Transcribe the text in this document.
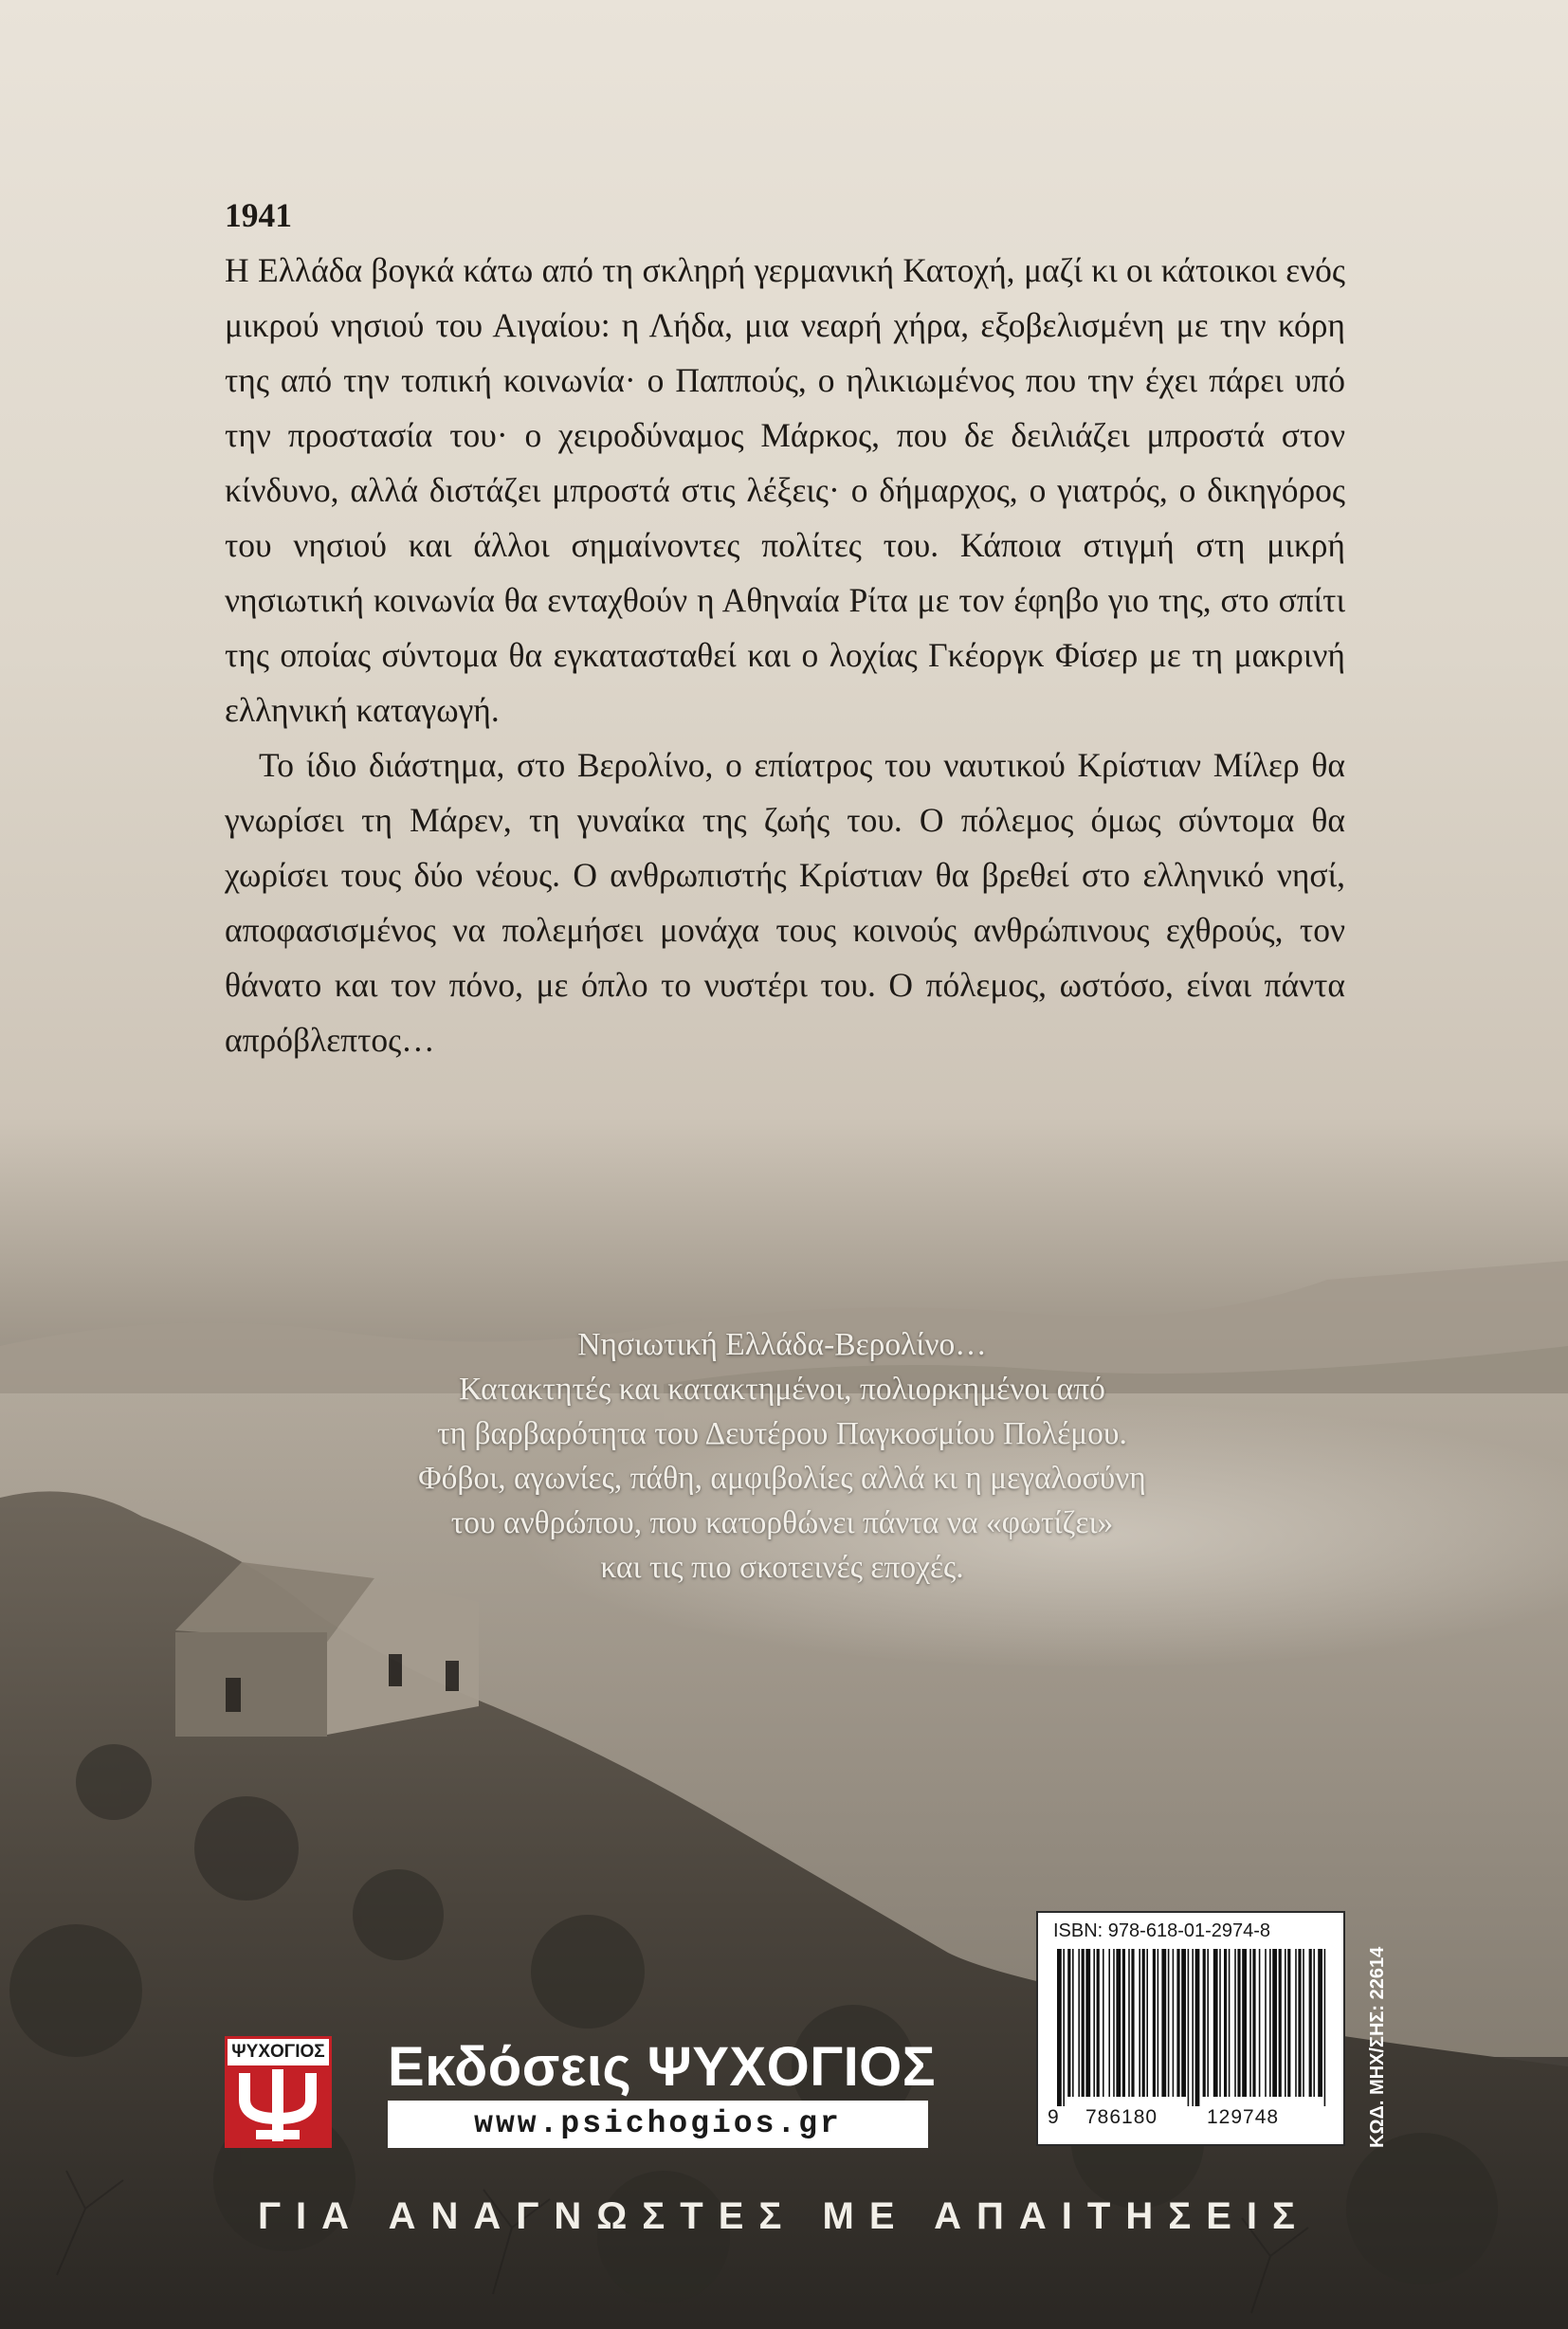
1941

Η Ελλάδα βογκά κάτω από τη σκληρή γερμανική Κατοχή, μαζί κι οι κάτοικοι ενός μικρού νησιού του Αιγαίου: η Λήδα, μια νεαρή χήρα, εξοβελισμένη με την κόρη της από την τοπική κοινωνία· ο Παππούς, ο ηλικιωμένος που την έχει πάρει υπό την προστασία του· ο χειροδύναμος Μάρκος, που δε δειλιάζει μπροστά στον κίνδυνο, αλλά διστάζει μπροστά στις λέξεις· ο δήμαρχος, ο γιατρός, ο δικηγόρος του νησιού και άλλοι σημαίνοντες πολίτες του. Κάποια στιγμή στη μικρή νησιωτική κοινωνία θα ενταχθούν η Αθηναία Ρίτα με τον έφηβο γιο της, στο σπίτι της οποίας σύντομα θα εγκατασταθεί και ο λοχίας Γκέοργκ Φίσερ με τη μακρινή ελληνική καταγωγή.

Το ίδιο διάστημα, στο Βερολίνο, ο επίατρος του ναυτικού Κρίστιαν Μίλερ θα γνωρίσει τη Μάρεν, τη γυναίκα της ζωής του. Ο πόλεμος όμως σύντομα θα χωρίσει τους δύο νέους. Ο ανθρωπιστής Κρίστιαν θα βρεθεί στο ελληνικό νησί, αποφασισμένος να πολεμήσει μονάχα τους κοινούς ανθρώπινους εχθρούς, τον θάνατο και τον πόνο, με όπλο το νυστέρι του. Ο πόλεμος, ωστόσο, είναι πάντα απρόβλεπτος…

Νησιωτική Ελλάδα-Βερολίνο…
Κατακτητές και κατακτημένοι, πολιορκημένοι από
τη βαρβαρότητα του Δευτέρου Παγκοσμίου Πολέμου.
Φόβοι, αγωνίες, πάθη, αμφιβολίες αλλά κι η μεγαλοσύνη
του ανθρώπου, που κατορθώνει πάντα να «φωτίζει»
και τις πιο σκοτεινές εποχές.
ΨΥΧΟΓΙΟΣ Εκδόσεις ΨΥΧΟΓΙΟΣ
www.psichogios.gr
ΓΙΑ ΑΝΑΓΝΩΣΤΕΣ ΜΕ ΑΠΑΙΤΗΣΕΙΣ
ISBN: 978-618-01-2974-8
9 786180 129748	ΚΩΔ. ΜΗΧ/ΣΗΣ: 22614
